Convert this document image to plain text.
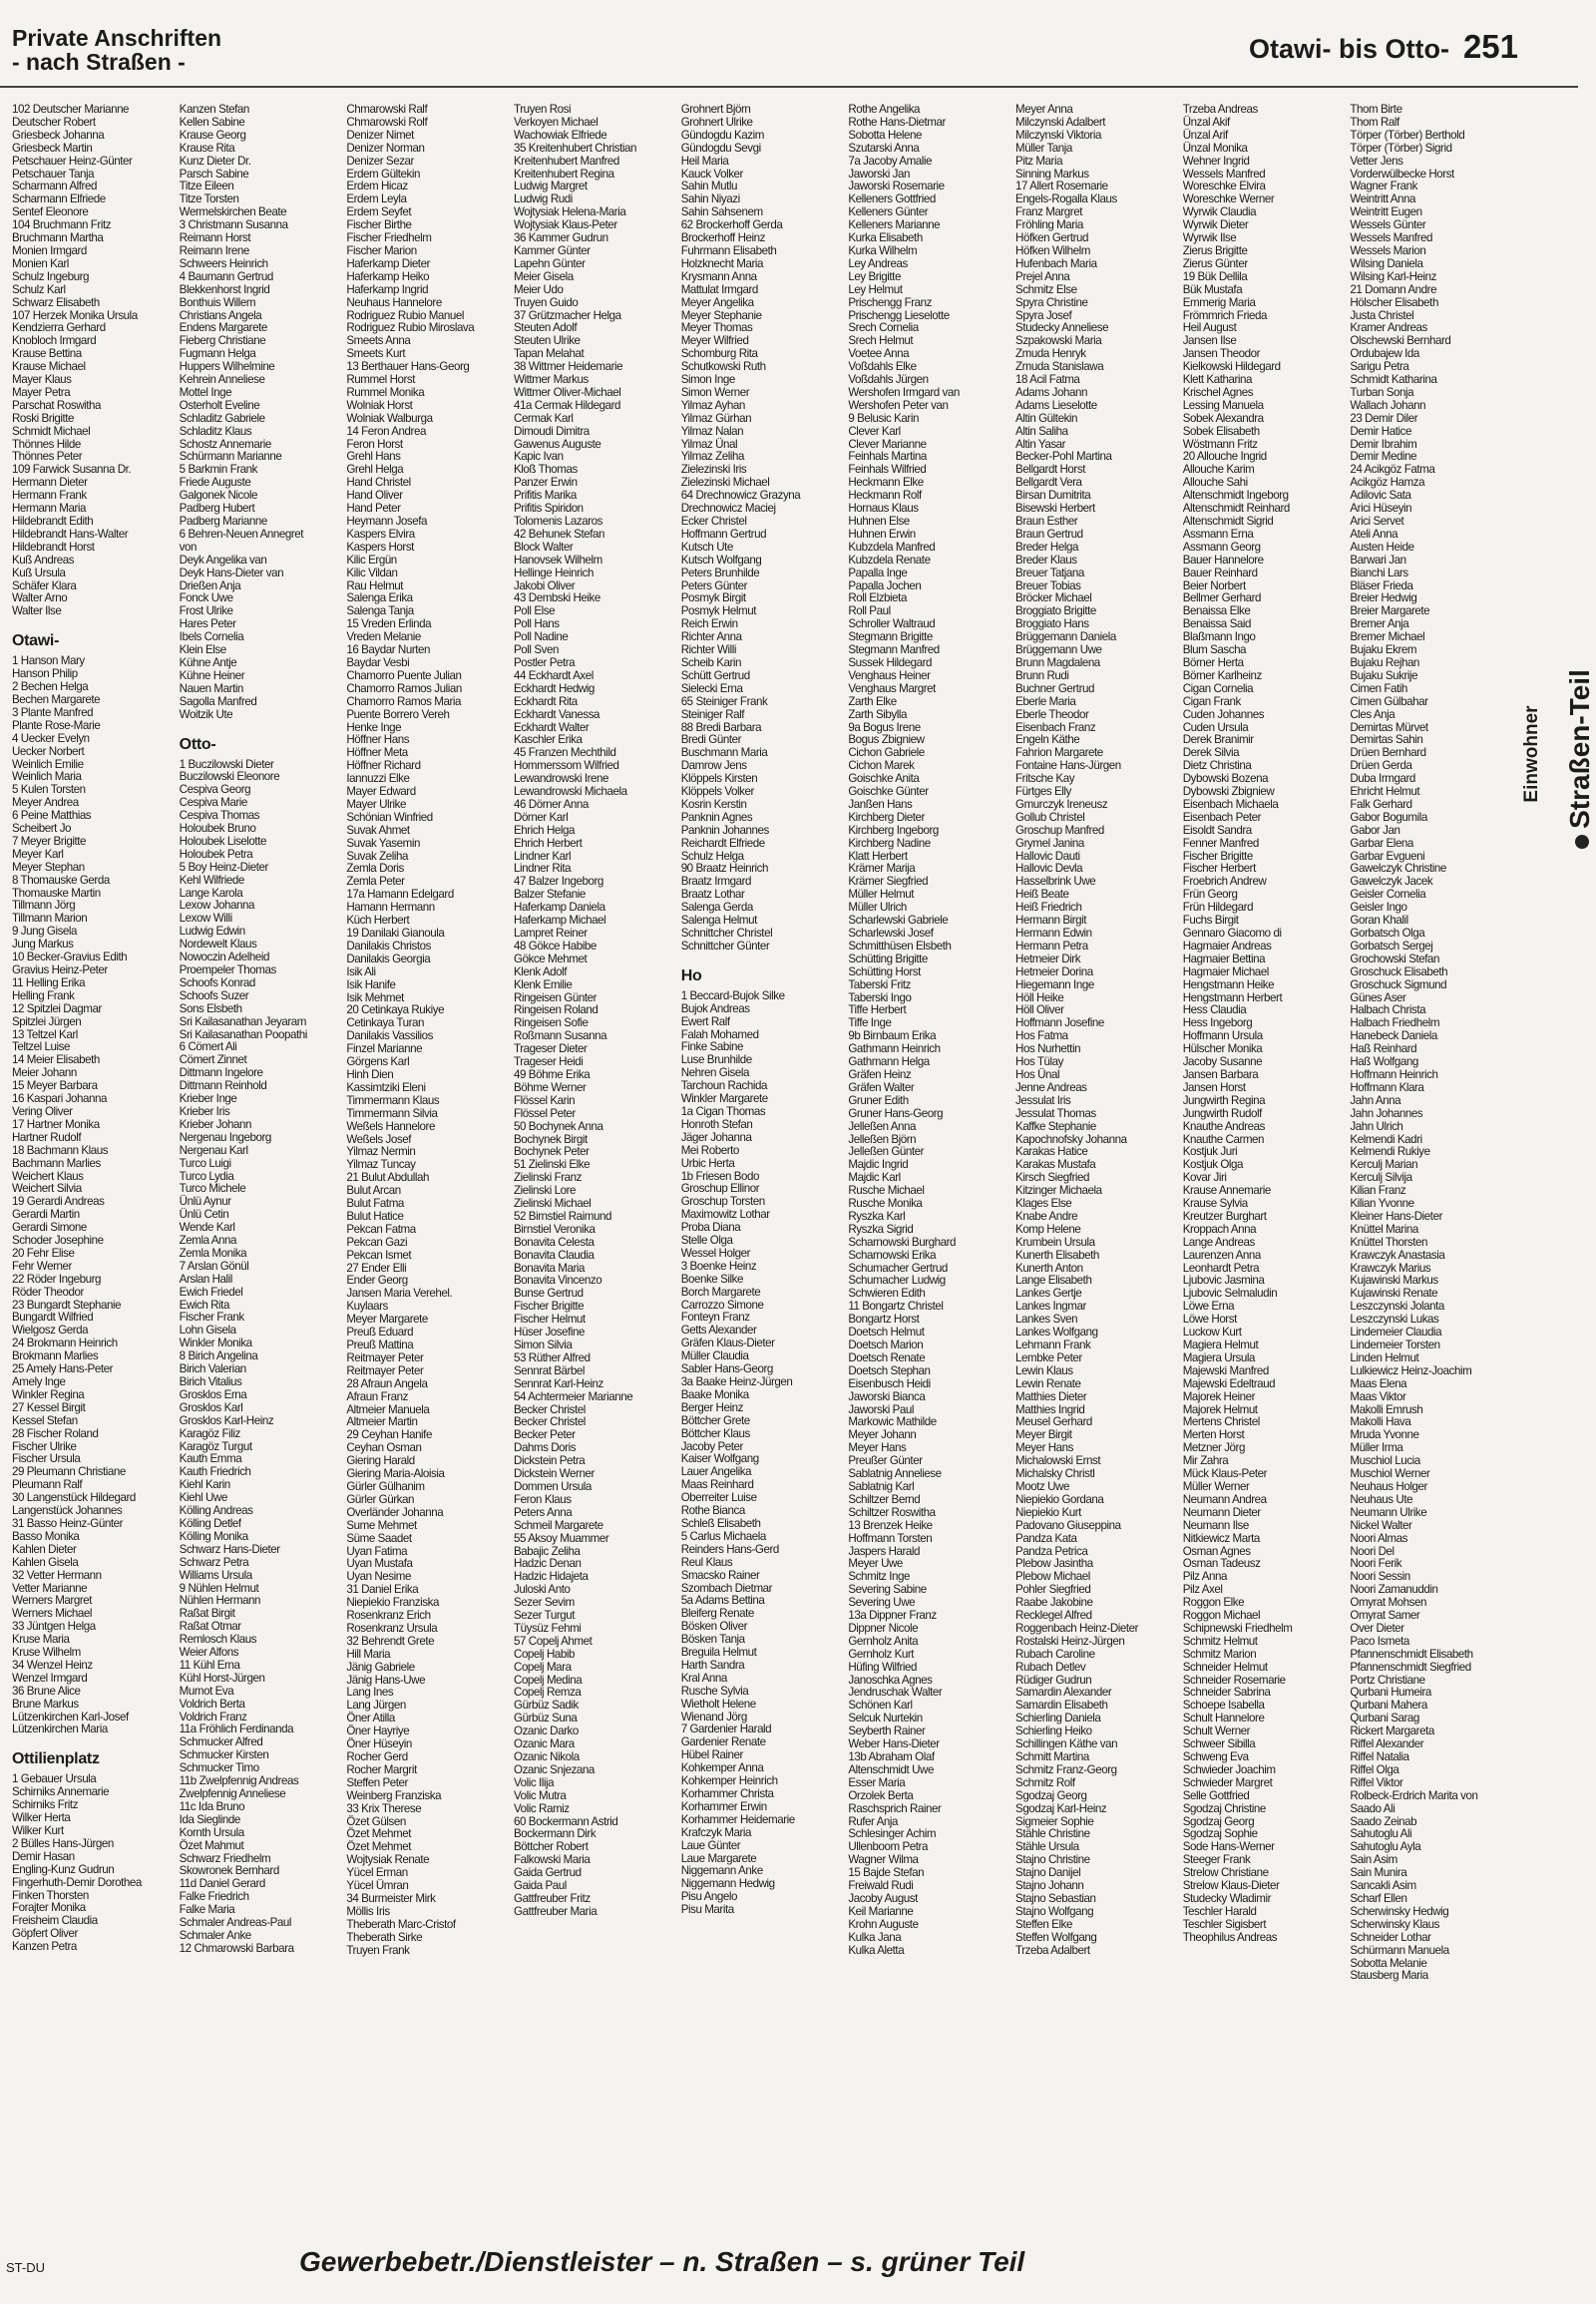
Private Anschriften
- nach Straßen -	Otawi- bis Otto- 251
102 Deutscher Marianne
Deutscher Robert
Griesbeck Johanna
Griesbeck Martin
Petschauer Heinz-Günter
Petschauer Tanja
Scharmann Alfred
Scharmann Elfriede
Sentef Eleonore
104 Bruchmann Fritz
Bruchmann Martha
Monien Irmgard
Monien Karl
Schulz Ingeburg
Schulz Karl
Schwarz Elisabeth
107 Herzek Monika Ursula
Kendzierra Gerhard
Knobloch Irmgard
Krause Bettina
Krause Michael
Mayer Klaus
Mayer Petra
Parschat Roswitha
Roski Brigitte
Schmidt Michael
Thönnes Hilde
Thönnes Peter
109 Farwick Susanna Dr.
Hermann Dieter
Hermann Frank
Hermann Maria
Hildebrandt Edith
Hildebrandt Hans-Walter
Hildebrandt Horst
Kuß Andreas
Kuß Ursula
Schäfer Klara
Walter Arno
Walter Ilse
Otawi-
1 Hanson Mary
Hanson Philip
2 Bechen Helga
Bechen Margarete
3 Plante Manfred
Plante Rose-Marie
4 Uecker Evelyn
Uecker Norbert
Weinlich Emilie
Weinlich Maria
5 Kulen Torsten
Meyer Andrea
6 Peine Matthias
Scheibert Jo
7 Meyer Brigitte
Meyer Karl
Meyer Stephan
8 Thomauske Gerda
Thomauske Martin
Tillmann Jörg
Tillmann Marion
9 Jung Gisela
Jung Markus
10 Becker-Gravius Edith
Gravius Heinz-Peter
11 Helling Erika
Helling Frank
12 Spitzlei Dagmar
Spitzlei Jürgen
13 Teltzel Karl
Teltzel Luise
14 Meier Elisabeth
Meier Johann
15 Meyer Barbara
16 Kaspari Johanna
Vering Oliver
17 Hartner Monika
Hartner Rudolf
18 Bachmann Klaus
Bachmann Marlies
Weichert Klaus
Weichert Silvia
19 Gerardi Andreas
Gerardi Martin
Gerardi Simone
Schoder Josephine
20 Fehr Elise
Fehr Werner
22 Röder Ingeburg
Röder Theodor
23 Bungardt Stephanie
Bungardt Wilfried
Wielgosz Gerda
24 Brokmann Heinrich
Brokmann Marlies
25 Amely Hans-Peter
Amely Inge
Winkler Regina
27 Kessel Birgit
Kessel Stefan
28 Fischer Roland
Fischer Ulrike
Fischer Ursula
29 Pleumann Christiane
Pleumann Ralf
30 Langenstück Hildegard
Langenstück Johannes
31 Basso Heinz-Günter
Basso Monika
Kahlen Dieter
Kahlen Gisela
32 Vetter Hermann
Vetter Marianne
Werners Margret
Werners Michael
33 Jüntgen Helga
Kruse Maria
Kruse Wilhelm
34 Wenzel Heinz
Wenzel Irmgard
36 Brune Alice
Brune Markus
Lützenkirchen Karl-Josef
Lützenkirchen Maria
Ottilienplatz
1 Gebauer Ursula
Schirniks Annemarie
Schirniks Fritz
Wilker Herta
Wilker Kurt
2 Bülles Hans-Jürgen
Demir Hasan
Engling-Kunz Gudrun
Fingerhuth-Demir Dorothea
Finken Thorsten
Forajter Monika
Freisheim Claudia
Göpfert Oliver
Kanzen Petra
Kanzen Stefan
Kellen Sabine
Krause Georg
Krause Rita
Kunz Dieter Dr.
Parsch Sabine
Titze Eileen
Titze Torsten
Wermelskirchen Beate
3 Christmann Susanna
Reimann Horst
Reimann Irene
Schweers Heinrich
4 Baumann Gertrud
Blekkenhorst Ingrid
Bonthuis Willem
Christians Angela
Endens Margarete
Fieberg Christiane
Fugmann Helga
Huppers Wilhelmine
Kehrein Anneliese
Mottel Inge
Osterholt Eveline
Schladitz Gabriele
Schladitz Klaus
Schostz Annemarie
Schürmann Marianne
5 Barkmin Frank
Friede Auguste
Galgonek Nicole
Padberg Hubert
Padberg Marianne
6 Behren-Neuen Annegret
von
Deyk Angelika van
Deyk Hans-Dieter van
Drießen Anja
Fonck Uwe
Frost Ulrike
Hares Peter
Ibels Cornelia
Klein Else
Kühne Antje
Kühne Heiner
Nauen Martin
Sagolla Manfred
Woitzik Ute
Otto-
1 Buczilowski Dieter
Buczilowski Eleonore
Cespiva Georg
Cespiva Marie
Cespiva Thomas
Holoubek Bruno
Holoubek Liselotte
Holoubek Petra
5 Boy Heinz-Dieter
Kehl Wilfriede
Lange Karola
Lexow Johanna
Lexow Willi
Ludwig Edwin
Nordewelt Klaus
Nowoczin Adelheid
Proempeler Thomas
Schoofs Konrad
Schoofs Suzer
Sons Elsbeth
Sri Kailasanathan Jeyaram
Sri Kailasanathan Poopathi
6 Cömert Ali
Cömert Zinnet
Dittmann Ingelore
Dittmann Reinhold
Krieber Inge
Krieber Iris
Krieber Johann
Nergenau Ingeborg
Nergenau Karl
Turco Luigi
Turco Lydia
Turco Michele
Ünlü Aynur
Ünlü Cetin
Wende Karl
Zemla Anna
Zemla Monika
7 Arslan Gönül
Arslan Halil
Ewich Friedel
Ewich Rita
Fischer Frank
Lohn Gisela
Winkler Monika
8 Birich Angelina
Birich Valerian
Birich Vitalius
Grosklos Erna
Grosklos Karl
Grosklos Karl-Heinz
Karagöz Filiz
Karagöz Turgut
Kauth Emma
Kauth Friedrich
Kiehl Karin
Kiehl Uwe
Kölling Andreas
Kölling Detlef
Kölling Monika
Schwarz Hans-Dieter
Schwarz Petra
Williams Ursula
9 Nühlen Helmut
Nühlen Hermann
Raßat Birgit
Raßat Otmar
Remlosch Klaus
Weier Alfons
11 Kühl Erna
Kühl Horst-Jürgen
Mumot Eva
Voldrich Berta
Voldrich Franz
11a Fröhlich Ferdinanda
Schmucker Alfred
Schmucker Kirsten
Schmucker Timo
11b Zwelpfennig Andreas
Zwelpfennig Anneliese
11c Ida Bruno
Ida Sieglinde
Kornth Ursula
Özet Mahmut
Schwarz Friedhelm
Skowronek Bernhard
11d Daniel Gerard
Falke Friedrich
Falke Maria
Schmaler Andreas-Paul
Schmaler Anke
12 Chmarowski Barbara
Chmarowski Ralf
Chmarowski Rolf
Denizer Nimet
Denizer Norman
Denizer Sezar
Erdem Gültekin
Erdem Hicaz
Erdem Leyla
Erdem Seyfet
Fischer Birthe
Fischer Friedhelm
Fischer Marion
Haferkamp Dieter
Haferkamp Heiko
Haferkamp Ingrid
Neuhaus Hannelore
Rodriguez Rubio Manuel
Rodriguez Rubio Miroslava
Smeets Anna
Smeets Kurt
13 Berthauer Hans-Georg
Rummel Horst
Rummel Monika
Wolniak Horst
Wolniak Walburga
14 Feron Andrea
Feron Horst
Grehl Hans
Grehl Helga
Hand Christel
Hand Oliver
Hand Peter
Heymann Josefa
Kaspers Elvira
Kaspers Horst
Kilic Ergün
Kilic Vildan
Rau Helmut
Salenga Erika
Salenga Tanja
15 Vreden Erlinda
Vreden Melanie
16 Baydar Nurten
Baydar Vesbi
Chamorro Puente Julian
Chamorro Ramos Julian
Chamorro Ramos Maria
Puente Borrero Vereh
Henke Inge
Höffner Hans
Höffner Meta
Höffner Richard
Iannuzzi Elke
Mayer Edward
Mayer Ulrike
Schönian Winfried
Suvak Ahmet
Suvak Yasemin
Suvak Zeliha
Zemla Doris
Zemla Peter
17a Hamann Edelgard
Hamann Hermann
Küch Herbert
19 Danilaki Gianoula
Danilakis Christos
Danilakis Georgia
Isik Ali
Isik Hanife
Isik Mehmet
20 Cetinkaya Rukiye
Cetinkaya Turan
Danilakis Vassilios
Finzel Marianne
Görgens Karl
Hinh Dien
Kassimtziki Eleni
Timmermann Klaus
Timmermann Silvia
Weßels Hannelore
Weßels Josef
Yilmaz Nermin
Yilmaz Tuncay
21 Bulut Abdullah
Bulut Arcan
Bulut Fatma
Bulut Hatice
Pekcan Fatma
Pekcan Gazi
Pekcan Ismet
27 Ender Elli
Ender Georg
Jansen Maria Verehel.
Kuylaars
Meyer Margarete
Preuß Eduard
Preuß Mattina
Reitmayer Peter
Reitmayer Peter
28 Afraun Angela
Afraun Franz
Altmeier Manuela
Altmeier Martin
29 Ceyhan Hanife
Ceyhan Osman
Giering Harald
Giering Maria-Aloisia
Gürler Gülhanim
Gürler Gürkan
Overländer Johanna
Sume Mehmet
Süme Saadet
Uyan Fatima
Uyan Mustafa
Uyan Nesime
31 Daniel Erika
Niepiekio Franziska
Rosenkranz Erich
Rosenkranz Ursula
32 Behrendt Grete
Hill Maria
Jänig Gabriele
Jänig Hans-Uwe
Lang Ines
Lang Jürgen
Öner Atilla
Öner Hayriye
Öner Hüseyin
Rocher Gerd
Rocher Margrit
Steffen Peter
Weinberg Franziska
33 Krix Therese
Özet Gülsen
Özet Mehmet
Özet Mehmet
Wojtysiak Renate
Yücel Erman
Yücel Ümran
34 Burmeister Mirk
Möllis Iris
Theberath Marc-Cristof
Theberath Sirke
Truyen Frank
Truyen Rosi
Verkoyen Michael
Wachowiak Elfriede
35 Kreitenhubert Christian
Kreitenhubert Manfred
Kreitenhubert Regina
Ludwig Margret
Ludwig Rudi
Wojtysiak Helena-Maria
Wojtysiak Klaus-Peter
36 Kammer Gudrun
Kammer Günter
Lapehn Günter
Meier Gisela
Meier Udo
Truyen Guido
37 Grützmacher Helga
Steuten Adolf
Steuten Ulrike
Tapan Melahat
38 Wittmer Heidemarie
Wittmer Markus
Wittmer Oliver-Michael
41a Cermak Hildegard
Cermak Karl
Dimoudi Dimitra
Gawenus Auguste
Kapic Ivan
Kloß Thomas
Panzer Erwin
Prifitis Marika
Prifitis Spiridon
Tolomenis Lazaros
42 Behunek Stefan
Block Walter
Hanovsek Wilhelm
Hellinge Heinrich
Jakobi Oliver
43 Dembski Heike
Poll Else
Poll Hans
Poll Nadine
Poll Sven
Postler Petra
44 Eckhardt Axel
Eckhardt Hedwig
Eckhardt Rita
Eckhardt Vanessa
Eckhardt Walter
Kaschler Erika
45 Franzen Mechthild
Hommerssom Wilfried
Lewandrowski Irene
Lewandrowski Michaela
46 Dörner Anna
Dörner Karl
Ehrich Helga
Ehrich Herbert
Lindner Karl
Lindner Rita
47 Balzer Ingeborg
Balzer Stefanie
Haferkamp Daniela
Haferkamp Michael
Lampret Reiner
48 Gökce Habibe
Gökce Mehmet
Klenk Adolf
Klenk Emilie
Ringeisen Günter
Ringeisen Roland
Ringeisen Sofie
Roßmann Susanna
Trageser Dieter
Trageser Heidi
49 Böhme Erika
Böhme Werner
Flössel Karin
Flössel Peter
50 Bochynek Anna
Bochynek Birgit
Bochynek Peter
51 Zielinski Elke
Zielinski Franz
Zielinski Lore
Zielinski Michael
52 Birnstiel Raimund
Birnstiel Veronika
Bonavita Celesta
Bonavita Claudia
Bonavita Maria
Bonavita Vincenzo
Bunse Gertrud
Fischer Brigitte
Fischer Helmut
Hüser Josefine
Simon Silvia
53 Rüther Alfred
Sennrat Bärbel
Sennrat Karl-Heinz
54 Achtermeier Marianne
Becker Christel
Becker Christel
Becker Peter
Dahms Doris
Dickstein Petra
Dickstein Werner
Dommen Ursula
Feron Klaus
Peters Anna
Schmeil Margarete
55 Aksoy Muammer
Babajic Zeliha
Hadzic Denan
Hadzic Hidajeta
Juloski Anto
Sezer Sevim
Sezer Turgut
Tüysüz Fehmi
57 Copelj Ahmet
Copelj Habib
Copelj Mara
Copelj Medina
Copelj Remza
Gürbüz Sadik
Gürbüz Suna
Ozanic Darko
Ozanic Mara
Ozanic Nikola
Ozanic Snjezana
Volic Ilija
Volic Mutra
Volic Ramiz
60 Bockermann Astrid
Bockermann Dirk
Böttcher Robert
Falkowski Maria
Gaida Gertrud
Gaida Paul
Gattfreuber Fritz
Gattfreuber Maria
Grohnert Björn
Grohnert Ulrike
Gündogdu Kazim
Gündogdu Sevgi
Heil Maria
Kauck Volker
Sahin Mutlu
Sahin Niyazi
Sahin Sahsenem
62 Brockerhoff Gerda
Brockerhoff Heinz
Fuhrmann Elisabeth
Holzknecht Maria
Krysmann Anna
Mattulat Irmgard
Meyer Angelika
Meyer Stephanie
Meyer Thomas
Meyer Wilfried
Schomburg Rita
Schutkowski Ruth
Simon Inge
Simon Werner
Yilmaz Ayhan
Yilmaz Gürhan
Yilmaz Nalan
Yilmaz Ünal
Yilmaz Zeliha
Zielezinski Iris
Zielezinski Michael
64 Drechnowicz Grazyna
Drechnowicz Maciej
Ecker Christel
Hoffmann Gertrud
Kutsch Ute
Kutsch Wolfgang
Peters Brunhilde
Peters Günter
Posmyk Birgit
Posmyk Helmut
Reich Erwin
Richter Anna
Richter Willi
Scheib Karin
Schütt Gertrud
Sielecki Erna
65 Steiniger Frank
Steiniger Ralf
88 Bredi Barbara
Bredi Günter
Buschmann Maria
Damrow Jens
Klöppels Kirsten
Klöppels Volker
Kosrin Kerstin
Panknin Agnes
Panknin Johannes
Reichardt Elfriede
Schulz Helga
90 Braatz Heinrich
Braatz Irmgard
Braatz Lothar
Salenga Gerda
Salenga Helmut
Schnittcher Christel
Schnittcher Günter
Ho
1 Beccard-Bujok Silke
Bujok Andreas
Ewert Ralf
Falah Mohamed
Finke Sabine
Luse Brunhilde
Nehren Gisela
Tarchoun Rachida
Winkler Margarete
1a Cigan Thomas
Honroth Stefan
Jäger Johanna
Mei Roberto
Urbic Herta
1b Friesen Bodo
Groschup Ellinor
Groschup Torsten
Maximowitz Lothar
Proba Diana
Stelle Olga
Wessel Holger
3 Boenke Heinz
Boenke Silke
Borch Margarete
Carrozzo Simone
Fonteyn Franz
Getts Alexander
Gräfen Klaus-Dieter
Müller Claudia
Sabler Hans-Georg
3a Baake Heinz-Jürgen
Baake Monika
Berger Heinz
Böttcher Grete
Böttcher Klaus
Jacoby Peter
Kaiser Wolfgang
Lauer Angelika
Maas Reinhard
Oberreiter Luise
Rothe Bianca
Schleß Elisabeth
5 Carlus Michaela
Reinders Hans-Gerd
Reul Klaus
Smacsko Rainer
Szombach Dietmar
5a Adams Bettina
Bleiferg Renate
Bösken Oliver
Bösken Tanja
Breguila Helmut
Harth Sandra
Kral Anna
Rusche Sylvia
Wietholt Helene
Wienand Jörg
7 Gardenier Harald
Gardenier Renate
Hübel Rainer
Kohkemper Anna
Kohkemper Heinrich
Korhammer Christa
Korhammer Erwin
Korhammer Heidemarie
Krafczyk Maria
Laue Günter
Laue Margarete
Niggemann Anke
Niggemann Hedwig
Pisu Angelo
Pisu Marita
Rothe Angelika
Rothe Hans-Dietmar
Sobotta Helene
Szutarski Anna
7a Jacoby Amalie
Jaworski Jan
Jaworski Rosemarie
Kelleners Gottfried
Kelleners Günter
Kelleners Marianne
Kurka Elisabeth
Kurka Wilhelm
Ley Andreas
Ley Brigitte
Ley Helmut
Prischengg Franz
Prischengg Lieselotte
Srech Cornelia
Srech Helmut
Voetee Anna
Voßdahls Elke
Voßdahls Jürgen
Wershofen Irmgard van
Wershofen Peter van
9 Belusic Karin
Clever Karl
Clever Marianne
Feinhals Martina
Feinhals Wilfried
Heckmann Elke
Heckmann Rolf
Hornaus Klaus
Huhnen Else
Huhnen Erwin
Kubzdela Manfred
Kubzdela Renate
Papalla Inge
Papalla Jochen
Roll Elzbieta
Roll Paul
Schroller Waltraud
Stegmann Brigitte
Stegmann Manfred
Sussek Hildegard
Venghaus Heiner
Venghaus Margret
Zarth Elke
Zarth Sibylla
9a Bogus Irene
Bogus Zbigniew
Cichon Gabriele
Cichon Marek
Goischke Anita
Goischke Günter
Janßen Hans
Kirchberg Dieter
Kirchberg Ingeborg
Kirchberg Nadine
Klatt Herbert
Krämer Marija
Krämer Siegfried
Müller Helmut
Müller Ulrich
Scharlewski Gabriele
Scharlewski Josef
Schmitthüsen Elsbeth
Schütting Brigitte
Schütting Horst
Taberski Fritz
Taberski Ingo
Tiffe Herbert
Tiffe Inge
9b Birnbaum Erika
Gathmann Heinrich
Gathmann Helga
Gräfen Heinz
Gräfen Walter
Gruner Edith
Gruner Hans-Georg
Jelleßen Anna
Jelleßen Björn
Jelleßen Günter
Majdic Ingrid
Majdic Karl
Rusche Michael
Rusche Monika
Ryszka Karl
Ryszka Sigrid
Scharnowski Burghard
Scharnowski Erika
Schumacher Gertrud
Schumacher Ludwig
Schwieren Edith
11 Bongartz Christel
Bongartz Horst
Doetsch Helmut
Doetsch Marion
Doetsch Renate
Doetsch Stephan
Eisenbusch Heidi
Jaworski Bianca
Jaworski Paul
Markowic Mathilde
Meyer Johann
Meyer Hans
Preußer Günter
Sablatnig Anneliese
Sablatnig Karl
Schiltzer Bernd
Schiltzer Roswitha
13 Brenzek Heike
Hoffmann Torsten
Jaspers Harald
Meyer Uwe
Schmitz Inge
Severing Sabine
Severing Uwe
13a Dippner Franz
Dippner Nicole
Gernholz Anita
Gernholz Kurt
Hüfing Wilfried
Janoschka Agnes
Jendruschak Walter
Schönen Karl
Selcuk Nurtekin
Seyberth Rainer
Weber Hans-Dieter
13b Abraham Olaf
Altenschmidt Uwe
Esser Maria
Orzolek Berta
Raschsprich Rainer
Rufer Anja
Schlesinger Achim
Ullenboom Petra
Wagner Wilma
15 Bajde Stefan
Freiwald Rudi
Jacoby August
Keil Marianne
Krohn Auguste
Kulka Jana
Kulka Aletta
Meyer Anna
Milczynski Adalbert
Milczynski Viktoria
Müller Tanja
Pitz Maria
Sinning Markus
17 Allert Rosemarie
Engels-Rogalla Klaus
Franz Margret
Fröhling Maria
Höfken Gertrud
Höfken Wilhelm
Hufenbach Maria
Prejel Anna
Schmitz Else
Spyra Christine
Spyra Josef
Studecky Anneliese
Szpakowski Maria
Zmuda Henryk
Zmuda Stanislawa
18 Acil Fatma
Adams Johann
Adams Lieselotte
Altin Gültekin
Altin Saliha
Altin Yasar
Becker-Pohl Martina
Bellgardt Horst
Bellgardt Vera
Birsan Dumitrita
Bisewski Herbert
Braun Esther
Braun Gertrud
Breder Helga
Breder Klaus
Breuer Tatjana
Breuer Tobias
Bröcker Michael
Broggiato Brigitte
Broggiato Hans
Brüggemann Daniela
Brüggemann Uwe
Brunn Magdalena
Brunn Rudi
Buchner Gertrud
Eberle Maria
Eberle Theodor
Eisenbach Franz
Engeln Käthe
Fahrion Margarete
Fontaine Hans-Jürgen
Fritsche Kay
Fürtges Elly
Gmurczyk Ireneusz
Gollub Christel
Groschup Manfred
Grymel Janina
Hallovic Dauti
Hallovic Devla
Hasselbrink Uwe
Heiß Beate
Heiß Friedrich
Hermann Birgit
Hermann Edwin
Hermann Petra
Hetmeier Dirk
Hetmeier Dorina
Hiegemann Inge
Höll Heike
Höll Oliver
Hoffmann Josefine
Hos Fatma
Hos Nurhettin
Hos Tülay
Hos Ünal
Jenne Andreas
Jessulat Iris
Jessulat Thomas
Kaffke Stephanie
Kapochnofsky Johanna
Karakas Hatice
Karakas Mustafa
Kirsch Siegfried
Kitzinger Michaela
Klages Else
Knabe Andre
Komp Helene
Krumbein Ursula
Kunerth Elisabeth
Kunerth Anton
Lange Elisabeth
Lankes Gertje
Lankes Ingmar
Lankes Sven
Lankes Wolfgang
Lehmann Frank
Lembke Peter
Lewin Klaus
Lewin Renate
Matthies Dieter
Matthies Ingrid
Meusel Gerhard
Meyer Birgit
Meyer Hans
Michalowski Ernst
Michalsky Christl
Mootz Uwe
Niepiekio Gordana
Niepiekio Kurt
Padovano Giuseppina
Pandza Kata
Pandza Petrica
Plebow Jasintha
Plebow Michael
Pohler Siegfried
Raabe Jakobine
Recklegel Alfred
Roggenbach Heinz-Dieter
Rostalski Heinz-Jürgen
Rubach Caroline
Rubach Detlev
Rüdiger Gudrun
Samardin Alexander
Samardin Elisabeth
Schierling Daniela
Schierling Heiko
Schillingen Käthe van
Schmitt Martina
Schmitz Franz-Georg
Schmitz Rolf
Sgodzaj Georg
Sgodzaj Karl-Heinz
Sigmeier Sophie
Stähle Christine
Stähle Ursula
Stajno Christine
Stajno Danijel
Stajno Johann
Stajno Sebastian
Stajno Wolfgang
Steffen Elke
Steffen Wolfgang
Trzeba Adalbert
Trzeba Andreas
Ünzal Akif
Ünzal Arif
Ünzal Monika
Wehner Ingrid
Wessels Manfred
Woreschke Elvira
Woreschke Werner
Wyrwik Claudia
Wyrwik Dieter
Wyrwik Ilse
Zierus Brigitte
Zierus Günter
19 Bük Dellila
Bük Mustafa
Emmerig Maria
Frömmrich Frieda
Heil August
Jansen Ilse
Jansen Theodor
Kielkowski Hildegard
Klett Katharina
Krischel Agnes
Lessing Manuela
Sobek Alexandra
Sobek Elisabeth
Wöstmann Fritz
20 Allouche Ingrid
Allouche Karim
Allouche Sahi
Altenschmidt Ingeborg
Altenschmidt Reinhard
Altenschmidt Sigrid
Assmann Erna
Assmann Georg
Bauer Hannelore
Bauer Reinhard
Beier Norbert
Bellmer Gerhard
Benaissa Elke
Benaissa Said
Blaßmann Ingo
Blum Sascha
Börner Herta
Börner Karlheinz
Cigan Cornelia
Cigan Frank
Cuden Johannes
Cuden Ursula
Derek Branimir
Derek Silvia
Dietz Christina
Dybowski Bozena
Dybowski Zbigniew
Eisenbach Michaela
Eisenbach Peter
Eisoldt Sandra
Fenner Manfred
Fischer Brigitte
Fischer Herbert
Froebrich Andrew
Frün Georg
Frün Hildegard
Fuchs Birgit
Gennaro Giacomo di
Hagmaier Andreas
Hagmaier Bettina
Hagmaier Michael
Hengstmann Heike
Hengstmann Herbert
Hess Claudia
Hess Ingeborg
Hoffmann Ursula
Hülscher Monika
Jacoby Susanne
Jansen Barbara
Jansen Horst
Jungwirth Regina
Jungwirth Rudolf
Knauthe Andreas
Knauthe Carmen
Kostjuk Juri
Kostjuk Olga
Kovar Jiri
Krause Annemarie
Krause Sylvia
Kreutzer Burghart
Kroppach Anna
Lange Andreas
Laurenzen Anna
Leonhardt Petra
Ljubovic Jasmina
Ljubovic Selmaludin
Löwe Erna
Löwe Horst
Luckow Kurt
Magiera Helmut
Magiera Ursula
Majewski Manfred
Majewski Edeltraud
Majorek Heiner
Majorek Helmut
Mertens Christel
Merten Horst
Metzner Jörg
Mir Zahra
Mück Klaus-Peter
Müller Werner
Neumann Andrea
Neumann Dieter
Neumann Ilse
Nitkiewicz Marta
Osman Agnes
Osman Tadeusz
Pilz Anna
Pilz Axel
Roggon Elke
Roggon Michael
Schipnewski Friedhelm
Schmitz Helmut
Schmitz Marion
Schneider Helmut
Schneider Rosemarie
Schneider Sabrina
Schoepe Isabella
Schult Hannelore
Schult Werner
Schweer Sibilla
Schweng Eva
Schwieder Joachim
Schwieder Margret
Selle Gottfried
Sgodzaj Christine
Sgodzaj Georg
Sgodzaj Sophie
Sode Hans-Werner
Steeger Frank
Strelow Christiane
Strelow Klaus-Dieter
Studecky Wladimir
Teschler Harald
Teschler Sigisbert
Theophilus Andreas
Thom Birte
Thom Ralf
Törper (Törber) Berthold
Törper (Törber) Sigrid
Vetter Jens
Vorderwülbecke Horst
Wagner Frank
Weintritt Anna
Weintritt Eugen
Wessels Günter
Wessels Manfred
Wessels Marion
Wilsing Daniela
Wilsing Karl-Heinz
21 Domann Andre
Hölscher Elisabeth
Justa Christel
Kramer Andreas
Olschewski Bernhard
Ordubajew Ida
Sarigu Petra
Schmidt Katharina
Turban Sonja
Wallach Johann
23 Demir Diler
Demir Hatice
Demir Ibrahim
Demir Medine
24 Acikgöz Fatma
Acikgöz Hamza
Adilovic Sata
Arici Hüseyin
Arici Servet
Ateli Anna
Austen Heide
Barwari Jan
Bianchi Lars
Bläser Frieda
Breier Hedwig
Breier Margarete
Bremer Anja
Bremer Michael
Bujaku Ekrem
Bujaku Rejhan
Bujaku Sukrije
Cimen Fatih
Cimen Gülbahar
Cles Anja
Demirtas Mürvet
Demirtas Sahin
Drüen Bernhard
Drüen Gerda
Duba Irmgard
Ehricht Helmut
Falk Gerhard
Gabor Bogumila
Gabor Jan
Garbar Elena
Garbar Evgueni
Gawelczyk Christine
Gawelczyk Jacek
Geisler Cornelia
Geisler Ingo
Goran Khalil
Gorbatsch Olga
Gorbatsch Sergej
Grochowski Stefan
Groschuck Elisabeth
Groschuck Sigmund
Günes Aser
Halbach Christa
Halbach Friedhelm
Hanebeck Daniela
Haß Reinhard
Haß Wolfgang
Hoffmann Heinrich
Hoffmann Klara
Jahn Anna
Jahn Johannes
Jahn Ulrich
Kelmendi Kadri
Kelmendi Rukiye
Kerculj Marian
Kerculj Silvija
Kilian Franz
Kilian Yvonne
Kleiner Hans-Dieter
Knüttel Marina
Knüttel Thorsten
Krawczyk Anastasia
Krawczyk Marius
Kujawinski Markus
Kujawinski Renate
Leszczynski Jolanta
Leszczynski Lukas
Lindemeier Claudia
Lindemeier Torsten
Linden Helmut
Lulkiewicz Heinz-Joachim
Maas Elena
Maas Viktor
Makolli Emrush
Makolli Hava
Mruda Yvonne
Müller Irma
Muschiol Lucia
Muschiol Werner
Neuhaus Holger
Neuhaus Ute
Neumann Ulrike
Nickel Walter
Noori Almas
Noori Del
Noori Ferik
Noori Sessin
Noori Zamanuddin
Omyrat Mohsen
Omyrat Samer
Over Dieter
Paco Ismeta
Pfannenschmidt Elisabeth
Pfannenschmidt Siegfried
Portz Christiane
Qurbani Humeira
Qurbani Mahera
Qurbani Sarag
Rickert Margareta
Riffel Alexander
Riffel Natalia
Riffel Olga
Riffel Viktor
Rolbeck-Erdrich Marita von
Saado Ali
Saado Zeinab
Sahutoglu Ali
Sahutoglu Ayla
Sain Asim
Sain Munira
Sancakli Asim
Scharf Ellen
Scherwinsky Hedwig
Scherwinsky Klaus
Schneider Lothar
Schürmann Manuela
Sobotta Melanie
Stausberg Maria
Einwohner Straßen-Teil
ST-DU	Gewerbebetr./Dienstleister – n. Straßen – s. grüner Teil
